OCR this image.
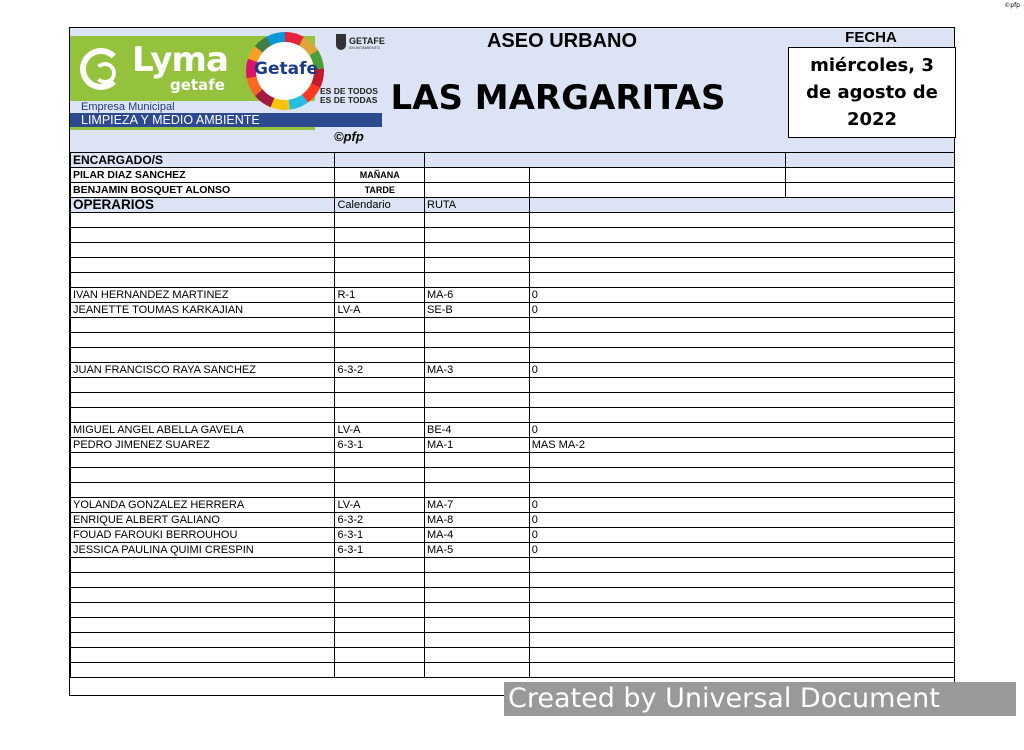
©pfp
Lyma
getafe
Empresa Municipal
LIMPIEZA Y MEDIO AMBIENTE
Getafe
GETAFE
AYUNTAMIENTO
ES DE TODOS
ES DE TODAS
©pfp
ASEO URBANO
LAS MARGARITAS
FECHA
miércoles, 3 de agosto de 2022
ENCARGADO/S				
PILAR DIAZ SANCHEZ	MAÑANA			
BENJAMIN BOSQUET ALONSO	TARDE			
OPERARIOS	Calendario	RUTA		

IVAN HERNANDEZ MARTINEZ	R-1	MA-6	0	
JEANETTE TOUMAS KARKAJIAN	LV-A	SE-B	0	

JUAN FRANCISCO RAYA SANCHEZ	6-3-2	MA-3	0	

MIGUEL ANGEL ABELLA GAVELA	LV-A	BE-4	0	
PEDRO JIMENEZ SUAREZ	6-3-1	MA-1	MAS MA-2	

YOLANDA GONZALEZ HERRERA	LV-A	MA-7	0	
ENRIQUE ALBERT GALIANO	6-3-2	MA-8	0	
FOUAD FAROUKI BERROUHOU	6-3-1	MA-4	0	
JESSICA PAULINA QUIMI CRESPIN	6-3-1	MA-5	0	

Created by Universal Document Converter
